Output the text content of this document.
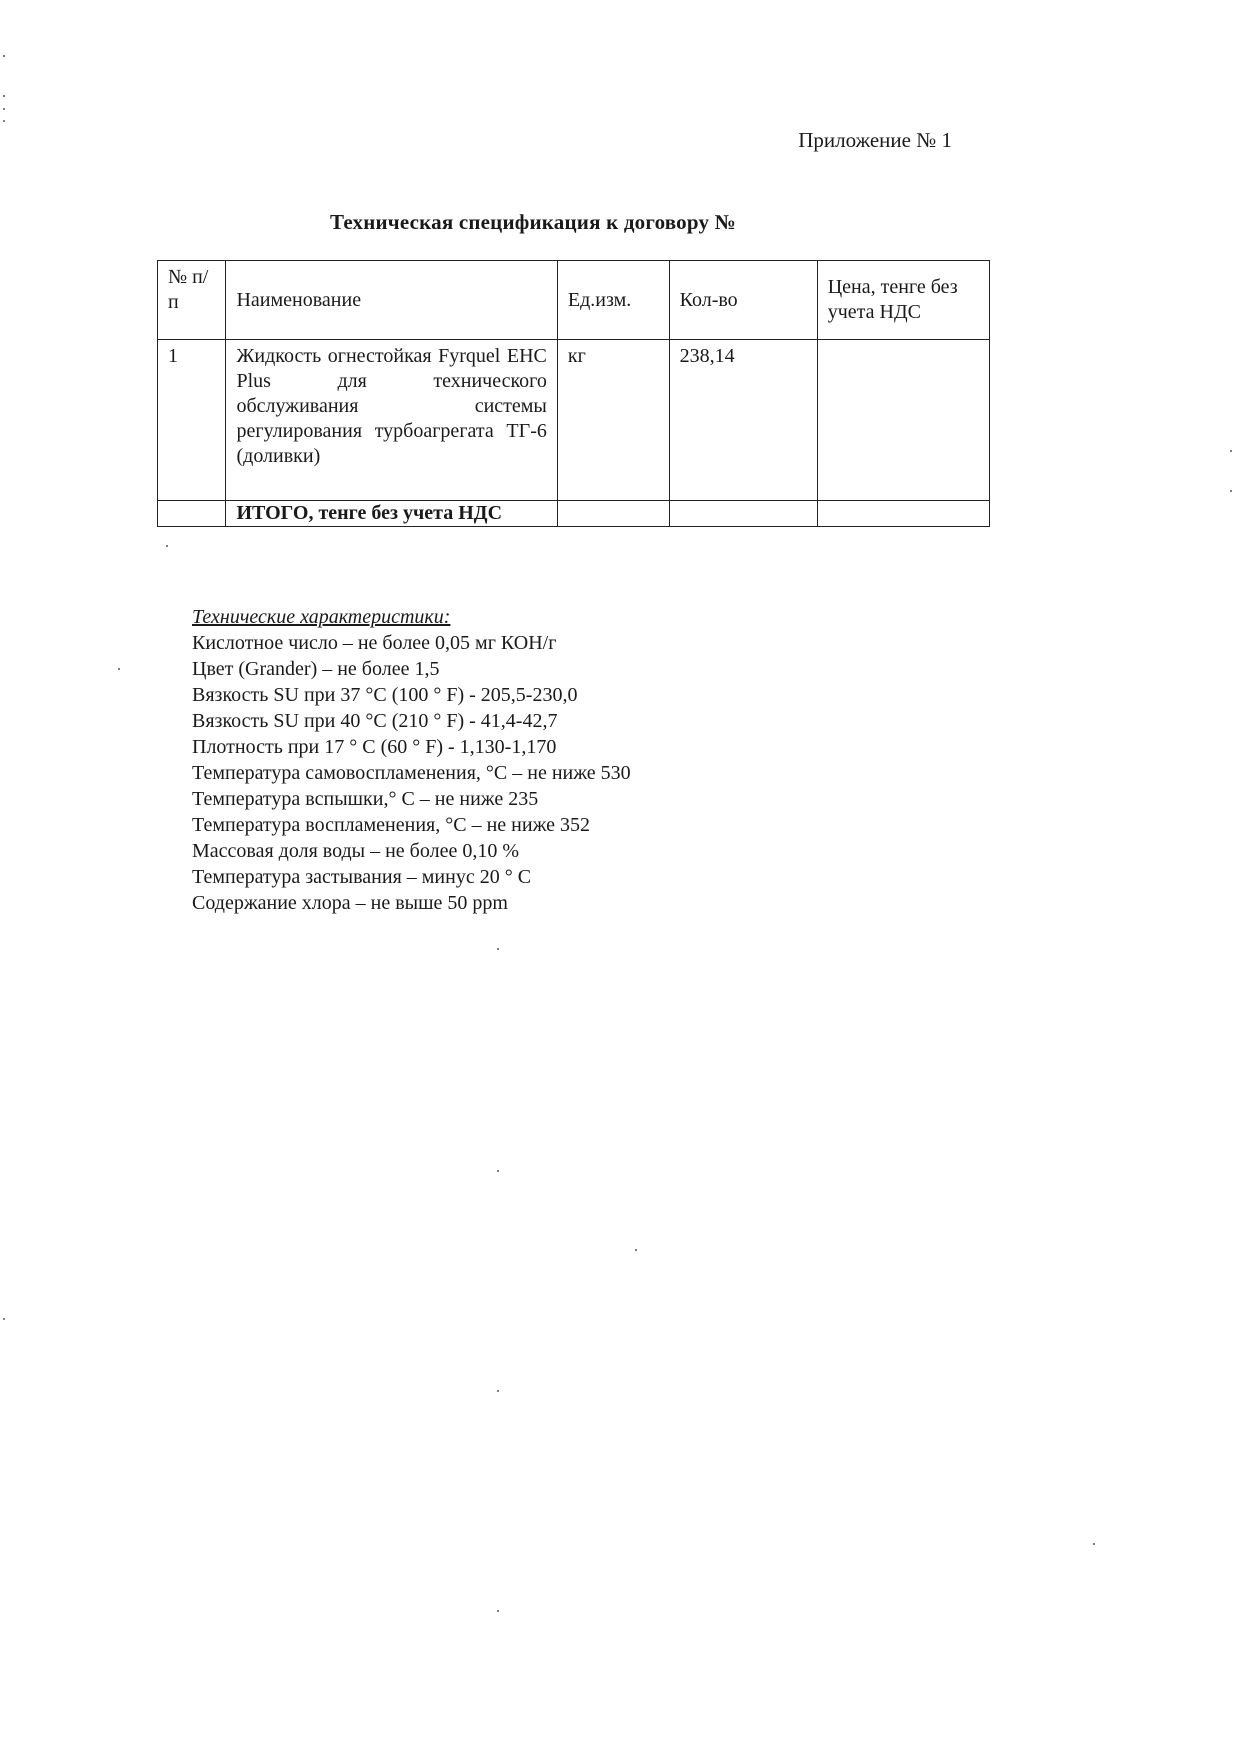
Приложение № 1
Техническая спецификация к договору №
№ п/п	Наименование	Ед.изм.	Кол-во	Цена, тенге без учета НДС
1	Жидкость огнестойкая Fyrquel EHC Plus для технического обслуживания системы регулирования турбоагрегата ТГ-6 (доливки)	кг	238,14	
	ИТОГО, тенге без учета НДС			
Технические характеристики:
Кислотное число – не более 0,05 мг КОН/г
Цвет (Grander) – не более 1,5
Вязкость SU при 37 °C (100 ° F) - 205,5-230,0
Вязкость SU при 40 °C (210 ° F) - 41,4-42,7
Плотность при 17 ° C (60 ° F) - 1,130-1,170
Температура самовоспламенения, °C – не ниже 530
Температура вспышки,° C – не ниже 235
Температура воспламенения, °C – не ниже 352
Массовая доля воды – не более 0,10 %
Температура застывания – минус 20 ° C
Содержание хлора – не выше 50 ppm
